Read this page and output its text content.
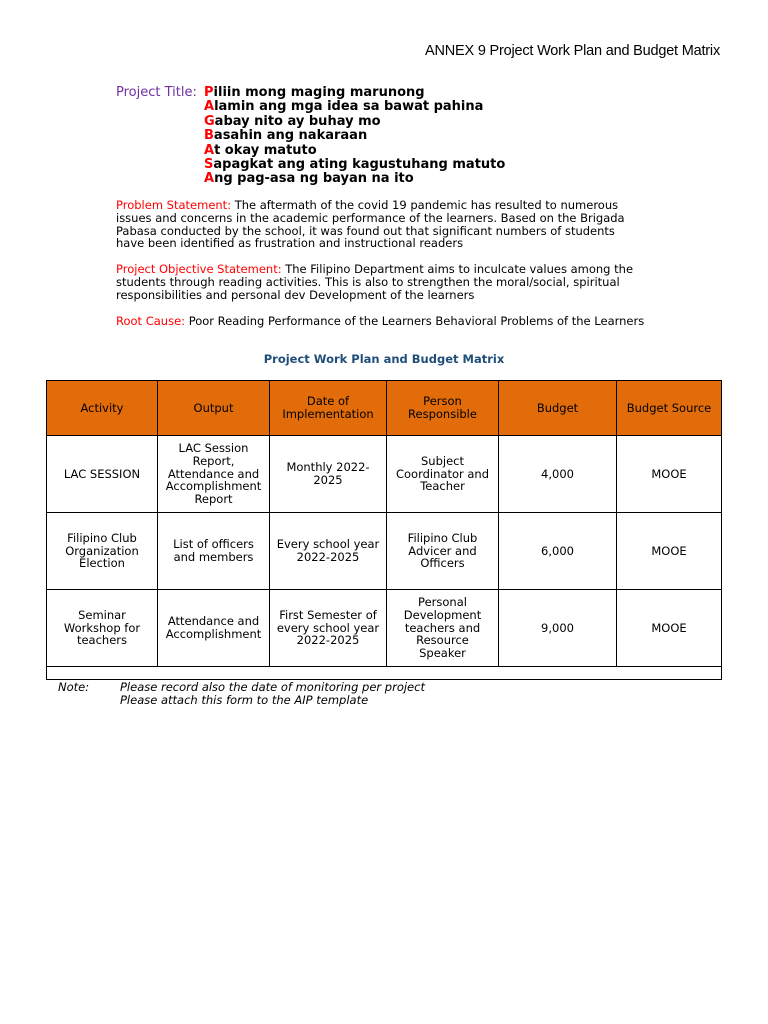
ANNEX 9 Project Work Plan and Budget Matrix
Project Title: Piliin mong maging marunong
Alamin ang mga idea sa bawat pahina
Gabay nito ay buhay mo
Basahin ang nakaraan
At okay matuto
Sapagkat ang ating kagustuhang matuto
Ang pag-asa ng bayan na ito
Problem Statement: The aftermath of the covid 19 pandemic has resulted to numerous issues and concerns in the academic performance of the learners. Based on the Brigada Pabasa conducted by the school, it was found out that significant numbers of students have been identified as frustration and instructional readers
Project Objective Statement: The Filipino Department aims to inculcate values among the students through reading activities. This is also to strengthen the moral/social, spiritual responsibilities and personal dev Development of the learners
Root Cause: Poor Reading Performance of the Learners Behavioral Problems of the Learners
Project Work Plan and Budget Matrix
Activity	Output	Date of Implementation	Person Responsible	Budget	Budget Source
LAC SESSION	LAC Session Report, Attendance and Accomplishment Report	Monthly 2022-2025	Subject Coordinator and Teacher	4,000	MOOE
Filipino Club Organization Election	List of officers and members	Every school year 2022-2025	Filipino Club Advicer and Officers	6,000	MOOE
Seminar Workshop for teachers	Attendance and Accomplishment	First Semester of every school year 2022-2025	Personal Development teachers and Resource Speaker	9,000	MOOE

Note:	Please record also the date of monitoring per project
Please attach this form to the AIP template
